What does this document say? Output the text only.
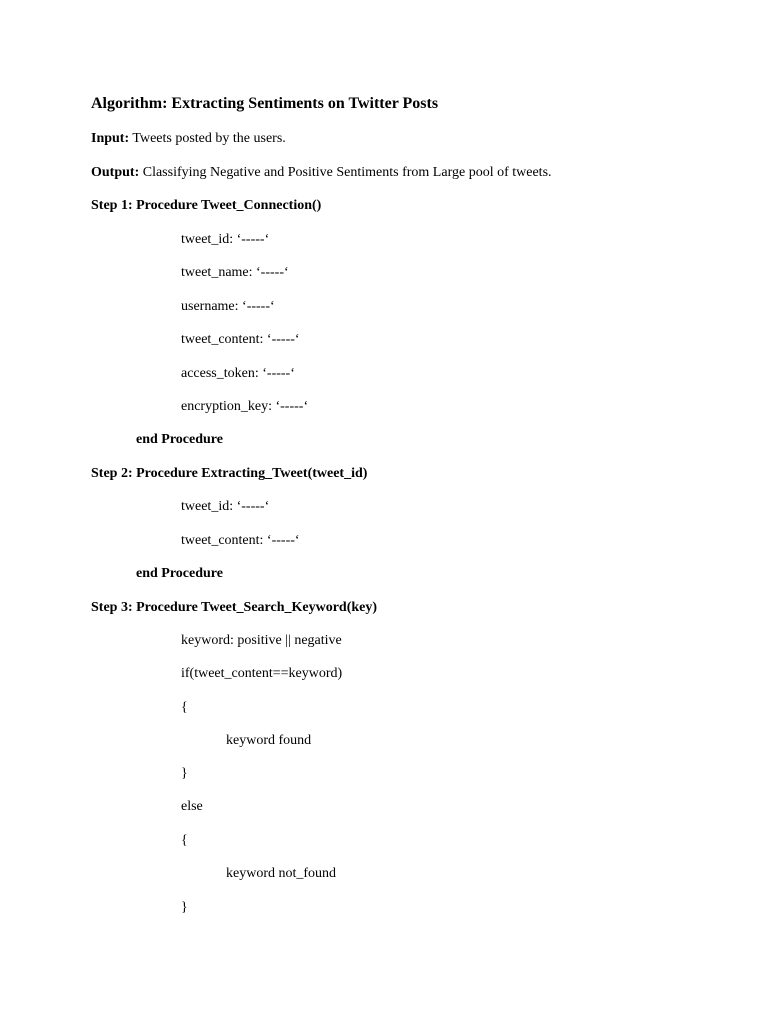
Algorithm: Extracting Sentiments on Twitter Posts
Input: Tweets posted by the users.
Output: Classifying Negative and Positive Sentiments from Large pool of tweets.
Step 1: Procedure Tweet_Connection()
tweet_id: ‘-----‘
tweet_name: ‘-----‘
username: ‘-----‘
tweet_content: ‘-----‘
access_token: ‘-----‘
encryption_key: ‘-----‘
end Procedure
Step 2: Procedure Extracting_Tweet(tweet_id)
tweet_id: ‘-----‘
tweet_content: ‘-----‘
end Procedure
Step 3: Procedure Tweet_Search_Keyword(key)
keyword: positive || negative
if(tweet_content==keyword)
{
keyword found
}
else
{
keyword not_found
}
